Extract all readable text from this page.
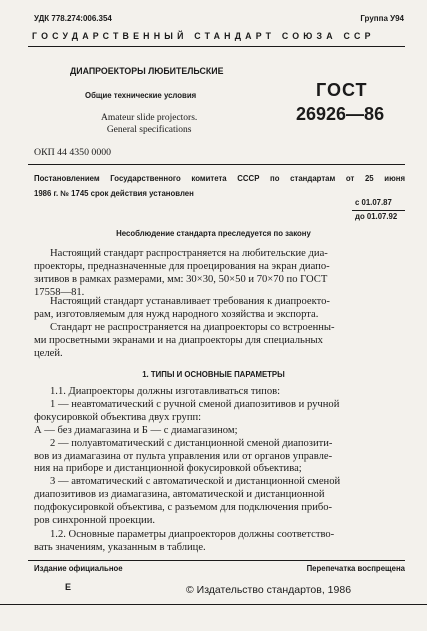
УДК 778.274:006.354	Группа У94
ГОСУДАРСТВЕННЫЙ СТАНДАРТ СОЮЗА ССР
ДИАПРОЕКТОРЫ ЛЮБИТЕЛЬСКИЕ
Общие технические условия
Amateur slide projectors.
General specifications
ГОСТ
26926—86
ОКП 44 4350 0000
Постановлением Государственного комитета СССР по стандартам от 25 июня
1986 г. № 1745 срок действия установлен
с 01.07.87
до 01.07.92
Несоблюдение стандарта преследуется по закону
Настоящий стандарт распространяется на любительские диа-
проекторы, предназначенные для проецирования на экран диапо-
зитивов в рамках размерами, мм: 30×30, 50×50 и 70×70 по ГОСТ
17558—81.
Настоящий стандарт устанавливает требования к диапроекто-
рам, изготовляемым для нужд народного хозяйства и экспорта.
Стандарт не распространяется на диапроекторы со встроенны-
ми просветными экранами и на диапроекторы для специальных
целей.
1. ТИПЫ И ОСНОВНЫЕ ПАРАМЕТРЫ
1.1. Диапроекторы должны изготавливаться типов:
1 — неавтоматический с ручной сменой диапозитивов и ручной
фокусировкой объектива двух групп:
А — без диамагазина и Б — с диамагазином;
2 — полуавтоматический с дистанционной сменой диапозити-
вов из диамагазина от пульта управления или от органов управле-
ния на приборе и дистанционной фокусировкой объектива;
3 — автоматический с автоматической и дистанционной сменой
диапозитивов из диамагазина, автоматической и дистанционной
подфокусировкой объектива, с разъемом для подключения прибо-
ров синхронной проекции.
1.2. Основные параметры диапроекторов должны соответство-
вать значениям, указанным в таблице.
Издание официальное	Перепечатка воспрещена
Е	© Издательство стандартов, 1986
